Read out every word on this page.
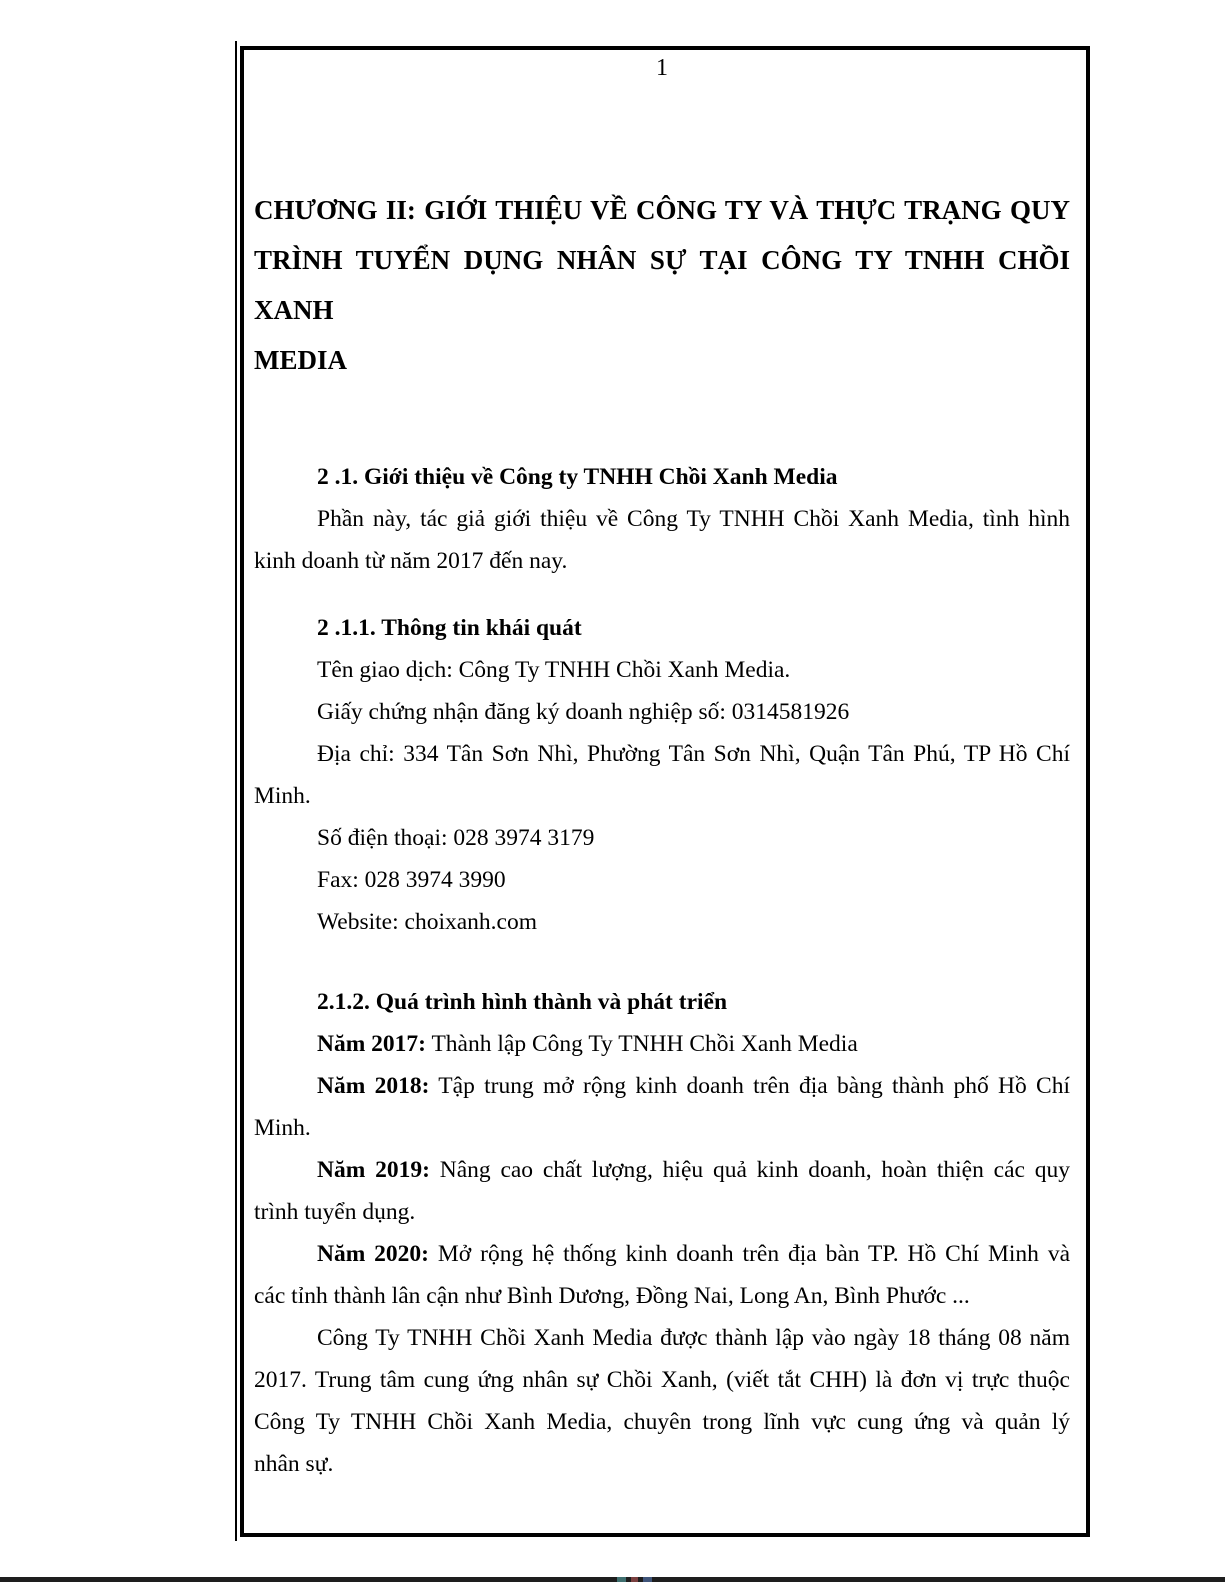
1
CHƯƠNG II: GIỚI THIỆU VỀ CÔNG TY VÀ THỰC TRẠNG QUY
TRÌNH TUYỂN DỤNG NHÂN SỰ TẠI CÔNG TY TNHH CHỒI XANH
MEDIA
2 .1. Giới thiệu về Công ty TNHH Chồi Xanh Media
Phần này, tác giả giới thiệu về Công Ty TNHH Chồi Xanh Media, tình hình
kinh doanh từ năm 2017 đến nay.
2 .1.1. Thông tin khái quát
Tên giao dịch: Công Ty TNHH Chồi Xanh Media.
Giấy chứng nhận đăng ký doanh nghiệp số: 0314581926
Địa chỉ: 334 Tân Sơn Nhì, Phường Tân Sơn Nhì, Quận Tân Phú, TP Hồ Chí
Minh.
Số điện thoại: 028 3974 3179
Fax: 028 3974 3990
Website: choixanh.com
2.1.2. Quá trình hình thành và phát triển
Năm 2017: Thành lập Công Ty TNHH Chồi Xanh Media
Năm 2018: Tập trung mở rộng kinh doanh trên địa bàng thành phố Hồ Chí
Minh.
Năm 2019: Nâng cao chất lượng, hiệu quả kinh doanh, hoàn thiện các quy
trình tuyển dụng.
Năm 2020: Mở rộng hệ thống kinh doanh trên địa bàn TP. Hồ Chí Minh và
các tỉnh thành lân cận như Bình Dương, Đồng Nai, Long An, Bình Phước ...
Công Ty TNHH Chồi Xanh Media được thành lập vào ngày 18 tháng 08 năm
2017. Trung tâm cung ứng nhân sự Chồi Xanh, (viết tắt CHH) là đơn vị trực thuộc
Công Ty TNHH Chồi Xanh Media, chuyên trong lĩnh vực cung ứng và quản lý
nhân sự.
